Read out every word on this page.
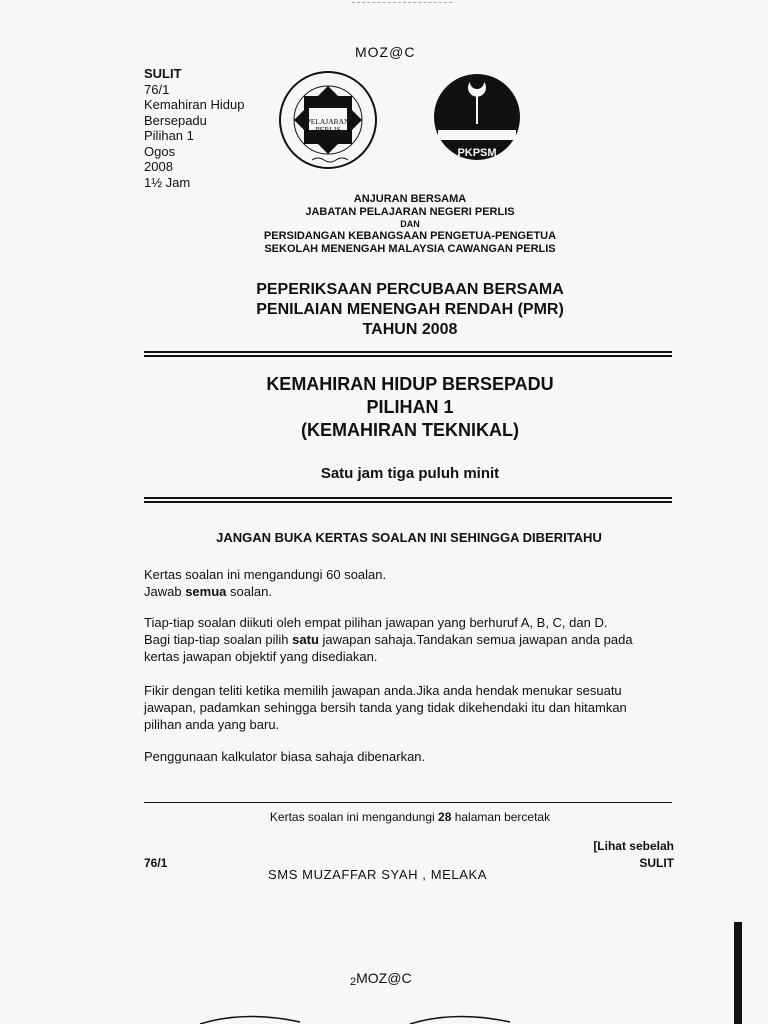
MOZ@C
SULIT
76/1
Kemahiran Hidup
Bersepadu
Pilihan 1
Ogos
2008
1½ Jam
PELAJARAN
PERLIS
PKPSM
ANJURAN BERSAMA
JABATAN PELAJARAN NEGERI PERLIS
DAN
PERSIDANGAN KEBANGSAAN PENGETUA-PENGETUA
SEKOLAH MENENGAH MALAYSIA CAWANGAN PERLIS
PEPERIKSAAN PERCUBAAN BERSAMA
PENILAIAN MENENGAH RENDAH (PMR)
TAHUN 2008
KEMAHIRAN HIDUP BERSEPADU
PILIHAN 1
(KEMAHIRAN TEKNIKAL)
Satu jam tiga puluh minit
JANGAN BUKA KERTAS SOALAN INI SEHINGGA DIBERITAHU
Kertas soalan ini mengandungi 60 soalan.
Jawab semua soalan.
Tiap-tiap soalan diikuti oleh empat pilihan jawapan yang berhuruf A, B, C, dan D.
Bagi tiap-tiap soalan pilih satu jawapan sahaja.Tandakan semua jawapan anda pada
kertas jawapan objektif yang disediakan.
Fikir dengan teliti ketika memilih jawapan anda.Jika anda hendak menukar sesuatu
jawapan, padamkan sehingga bersih tanda yang tidak dikehendaki itu dan hitamkan
pilihan anda yang baru.
Penggunaan kalkulator biasa sahaja dibenarkan.
Kertas soalan ini mengandungi 28 halaman bercetak
76/1
[Lihat sebelah
SULIT
SMS MUZAFFAR SYAH , MELAKA
2MOZ@C
